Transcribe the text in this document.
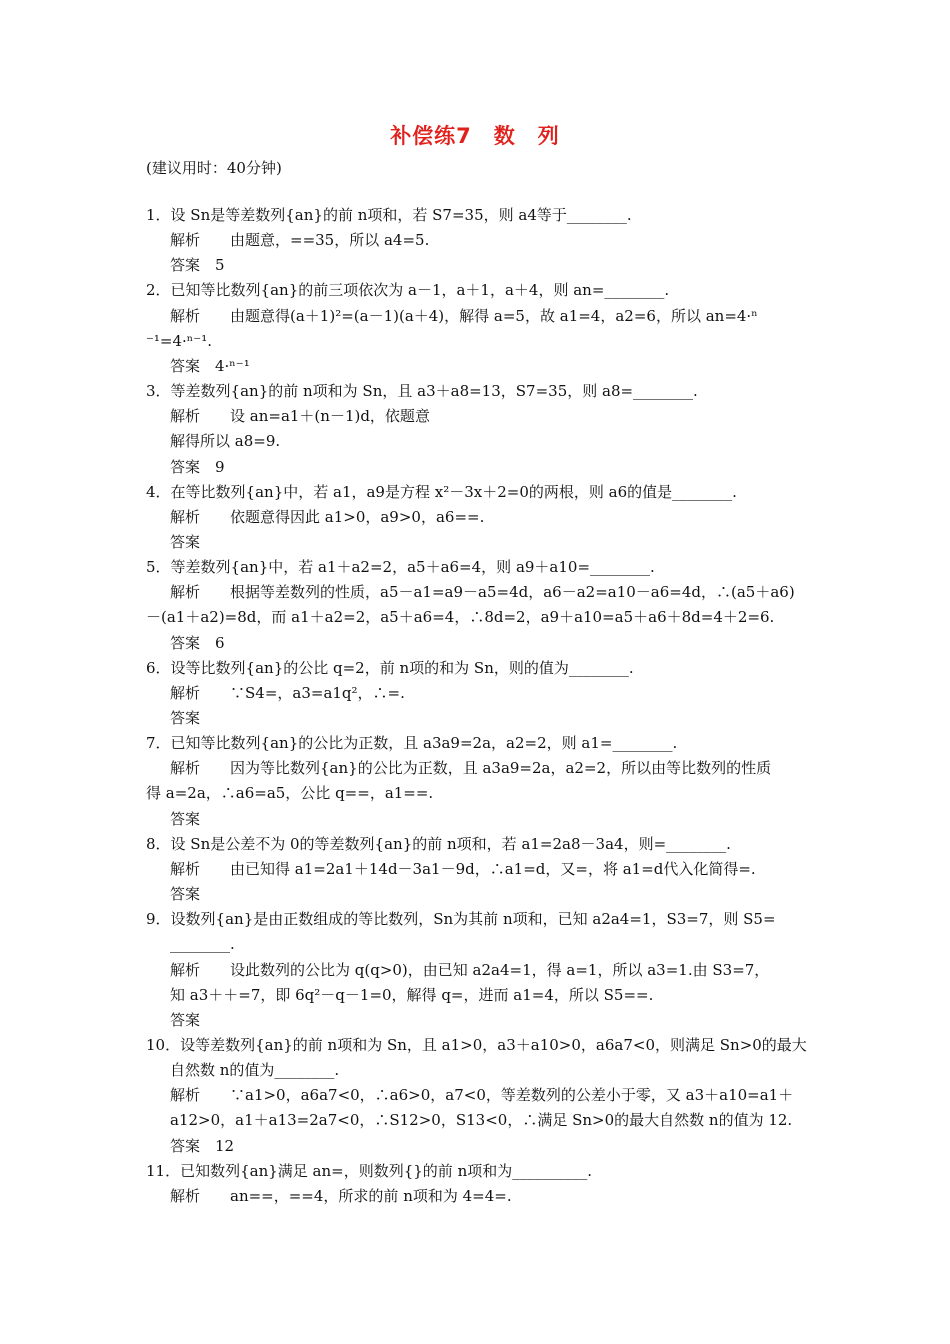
补偿练7　数　列
(建议用时：40分钟)
1．设 Sn是等差数列{an}的前 n项和，若 S7=35，则 a4等于________.
解析　　由题意，==35，所以 a4=5.
答案　5
2．已知等比数列{an}的前三项依次为 a－1，a＋1，a＋4，则 an=________.
解析　　由题意得(a＋1)²=(a－1)(a＋4)，解得 a=5，故 a1=4，a2=6，所以 an=4·ⁿ
⁻¹=4·ⁿ⁻¹.
答案　4·ⁿ⁻¹
3．等差数列{an}的前 n项和为 Sn，且 a3＋a8=13，S7=35，则 a8=________.
解析　　设 an=a1＋(n－1)d，依题意
解得所以 a8=9.
答案　9
4．在等比数列{an}中，若 a1，a9是方程 x²－3x＋2=0的两根，则 a6的值是________.
解析　　依题意得因此 a1>0，a9>0，a6==.
答案
5．等差数列{an}中，若 a1＋a2=2，a5＋a6=4，则 a9＋a10=________.
解析　　根据等差数列的性质，a5－a1=a9－a5=4d，a6－a2=a10－a6=4d，∴(a5＋a6)
－(a1＋a2)=8d，而 a1＋a2=2，a5＋a6=4，∴8d=2，a9＋a10=a5＋a6＋8d=4＋2=6.
答案　6
6．设等比数列{an}的公比 q=2，前 n项的和为 Sn，则的值为________.
解析　　∵S4=，a3=a1q²，∴=.
答案
7．已知等比数列{an}的公比为正数，且 a3a9=2a，a2=2，则 a1=________.
解析　　因为等比数列{an}的公比为正数，且 a3a9=2a，a2=2，所以由等比数列的性质
得 a=2a，∴a6=a5，公比 q==，a1==.
答案
8．设 Sn是公差不为 0的等差数列{an}的前 n项和，若 a1=2a8－3a4，则=________.
解析　　由已知得 a1=2a1＋14d－3a1－9d，∴a1=d，又=，将 a1=d代入化简得=.
答案
9．设数列{an}是由正数组成的等比数列，Sn为其前 n项和，已知 a2a4=1，S3=7，则 S5=
________.
解析　　设此数列的公比为 q(q>0)，由已知 a2a4=1，得 a=1，所以 a3=1.由 S3=7，
知 a3＋＋=7，即 6q²－q－1=0，解得 q=，进而 a1=4，所以 S5==.
答案
10．设等差数列{an}的前 n项和为 Sn，且 a1>0，a3＋a10>0，a6a7<0，则满足 Sn>0的最大
自然数 n的值为________.
解析　　∵a1>0，a6a7<0，∴a6>0，a7<0，等差数列的公差小于零，又 a3＋a10=a1＋
a12>0，a1＋a13=2a7<0，∴S12>0，S13<0，∴满足 Sn>0的最大自然数 n的值为 12.
答案　12
11．已知数列{an}满足 an=，则数列{}的前 n项和为__________.
解析　　an==，==4，所求的前 n项和为 4=4=.
